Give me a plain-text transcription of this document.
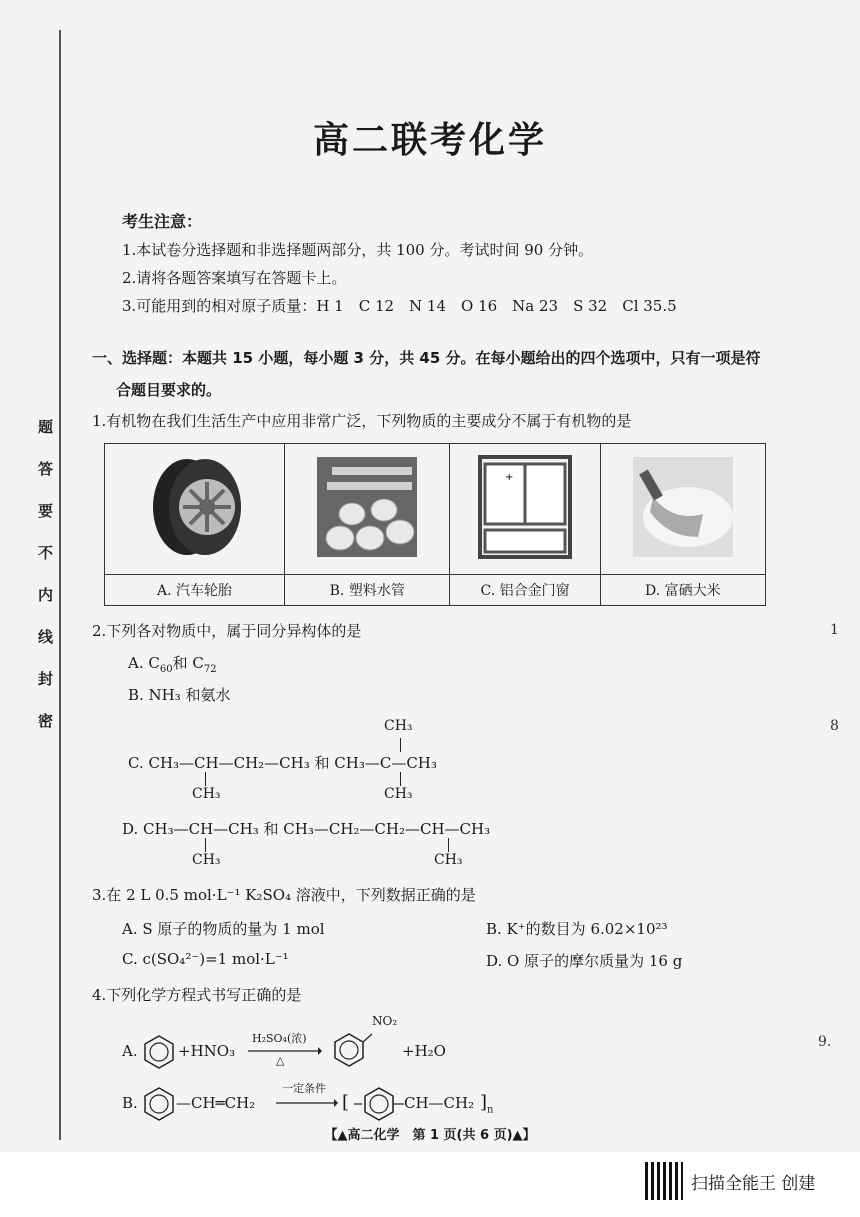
题
答
要
不
内
线
封
密
高二联考化学
考生注意：
1.本试卷分选择题和非选择题两部分，共 100 分。考试时间 90 分钟。
2.请将各题答案填写在答题卡上。
3.可能用到的相对原子质量：H 1　C 12　N 14　O 16　Na 23　S 32　Cl 35.5
一、选择题：本题共 15 小题，每小题 3 分，共 45 分。在每小题给出的四个选项中，只有一项是符
合题目要求的。
1.有机物在我们生活生产中应用非常广泛，下列物质的主要成分不属于有机物的是

+

A. 汽车轮胎	B. 塑料水管	C. 铝合金门窗	D. 富硒大米
2.下列各对物质中，属于同分异构体的是
A. $C_{60}$和 $C_{72}$
B. NH₃ 和氨水
CH₃
C. CH₃—CH—CH₂—CH₃ 和 CH₃—C—CH₃
CH₃	CH₃
D. CH₃—CH—CH₃ 和 CH₃—CH₂—CH₂—CH—CH₃
CH₃	CH₃
3.在 2 L 0.5 mol·L⁻¹ K₂SO₄ 溶液中，下列数据正确的是
A. S 原子的物质的量为 1 mol	B. K⁺的数目为 6.02×10²³
C. c(SO₄²⁻)=1 mol·L⁻¹	D. O 原子的摩尔质量为 16 g
4.下列化学方程式书写正确的是
A.	+HNO₃
H₂SO₄(浓)
△
NO₂
+H₂O
B.	—CH═CH₂
一定条件
→ [	CH—CH₂ ]$_n$
1
8
9.
【▲高二化学　第 1 页(共 6 页)▲】
扫描全能王 创建
